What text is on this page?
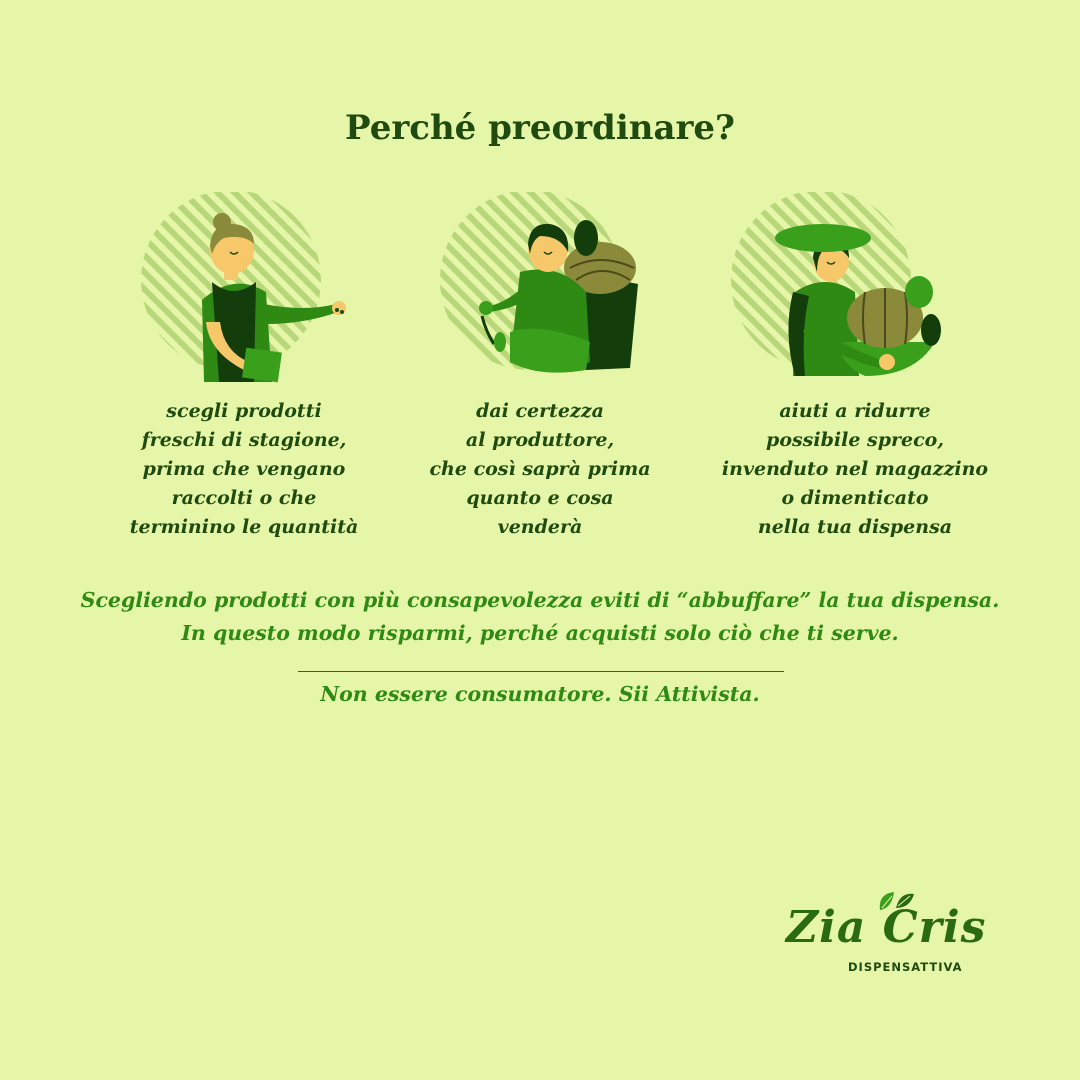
Perché preordinare?
scegli prodotti
freschi di stagione,
prima che vengano
raccolti o che
terminino le quantità
dai certezza
al produttore,
che così saprà prima
quanto e cosa
venderà
aiuti a ridurre
possibile spreco,
invenduto nel magazzino
o dimenticato
nella tua dispensa
Scegliendo prodotti con più consapevolezza eviti di “abbuffare” la tua dispensa.
In questo modo risparmi, perché acquisti solo ciò che ti serve.
Non essere consumatore. Sii Attivista.
Zia Cris
DISPENSATTIVA
